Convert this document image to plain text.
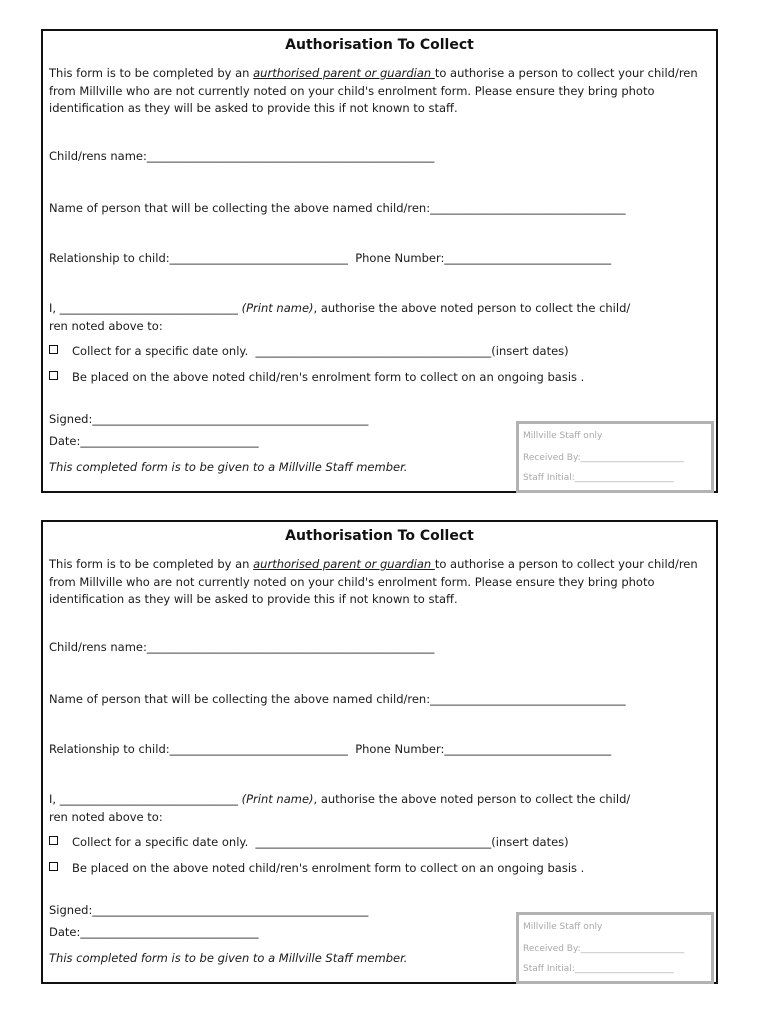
Authorisation To Collect
This form is to be completed by an aurthorised parent or guardian to authorise a person to collect your child/ren from Millville who are not currently noted on your child's enrolment form. Please ensure they bring photo identification as they will be asked to provide this if not known to staff.
Child/rens name:__________________________________________________
Name of person that will be collecting the above named child/ren:__________________________________
Relationship to child:_______________________________ Phone Number:_____________________________
I, _______________________________ (Print name), authorise the above noted person to collect the child/
ren noted above to:
Collect for a specific date only.  _________________________________________(insert dates)
Be placed on the above noted child/ren's enrolment form to collect on an ongoing basis .
Signed:________________________________________________
Date:_______________________________
This completed form is to be given to a Millville Staff member.
Millville Staff only
Received By:_______________________
Staff Initial:______________________
Authorisation To Collect
This form is to be completed by an aurthorised parent or guardian to authorise a person to collect your child/ren from Millville who are not currently noted on your child's enrolment form. Please ensure they bring photo identification as they will be asked to provide this if not known to staff.
Child/rens name:__________________________________________________
Name of person that will be collecting the above named child/ren:__________________________________
Relationship to child:_______________________________ Phone Number:_____________________________
I, _______________________________ (Print name), authorise the above noted person to collect the child/
ren noted above to:
Collect for a specific date only.  _________________________________________(insert dates)
Be placed on the above noted child/ren's enrolment form to collect on an ongoing basis .
Signed:________________________________________________
Date:_______________________________
This completed form is to be given to a Millville Staff member.
Millville Staff only
Received By:_______________________
Staff Initial:______________________
